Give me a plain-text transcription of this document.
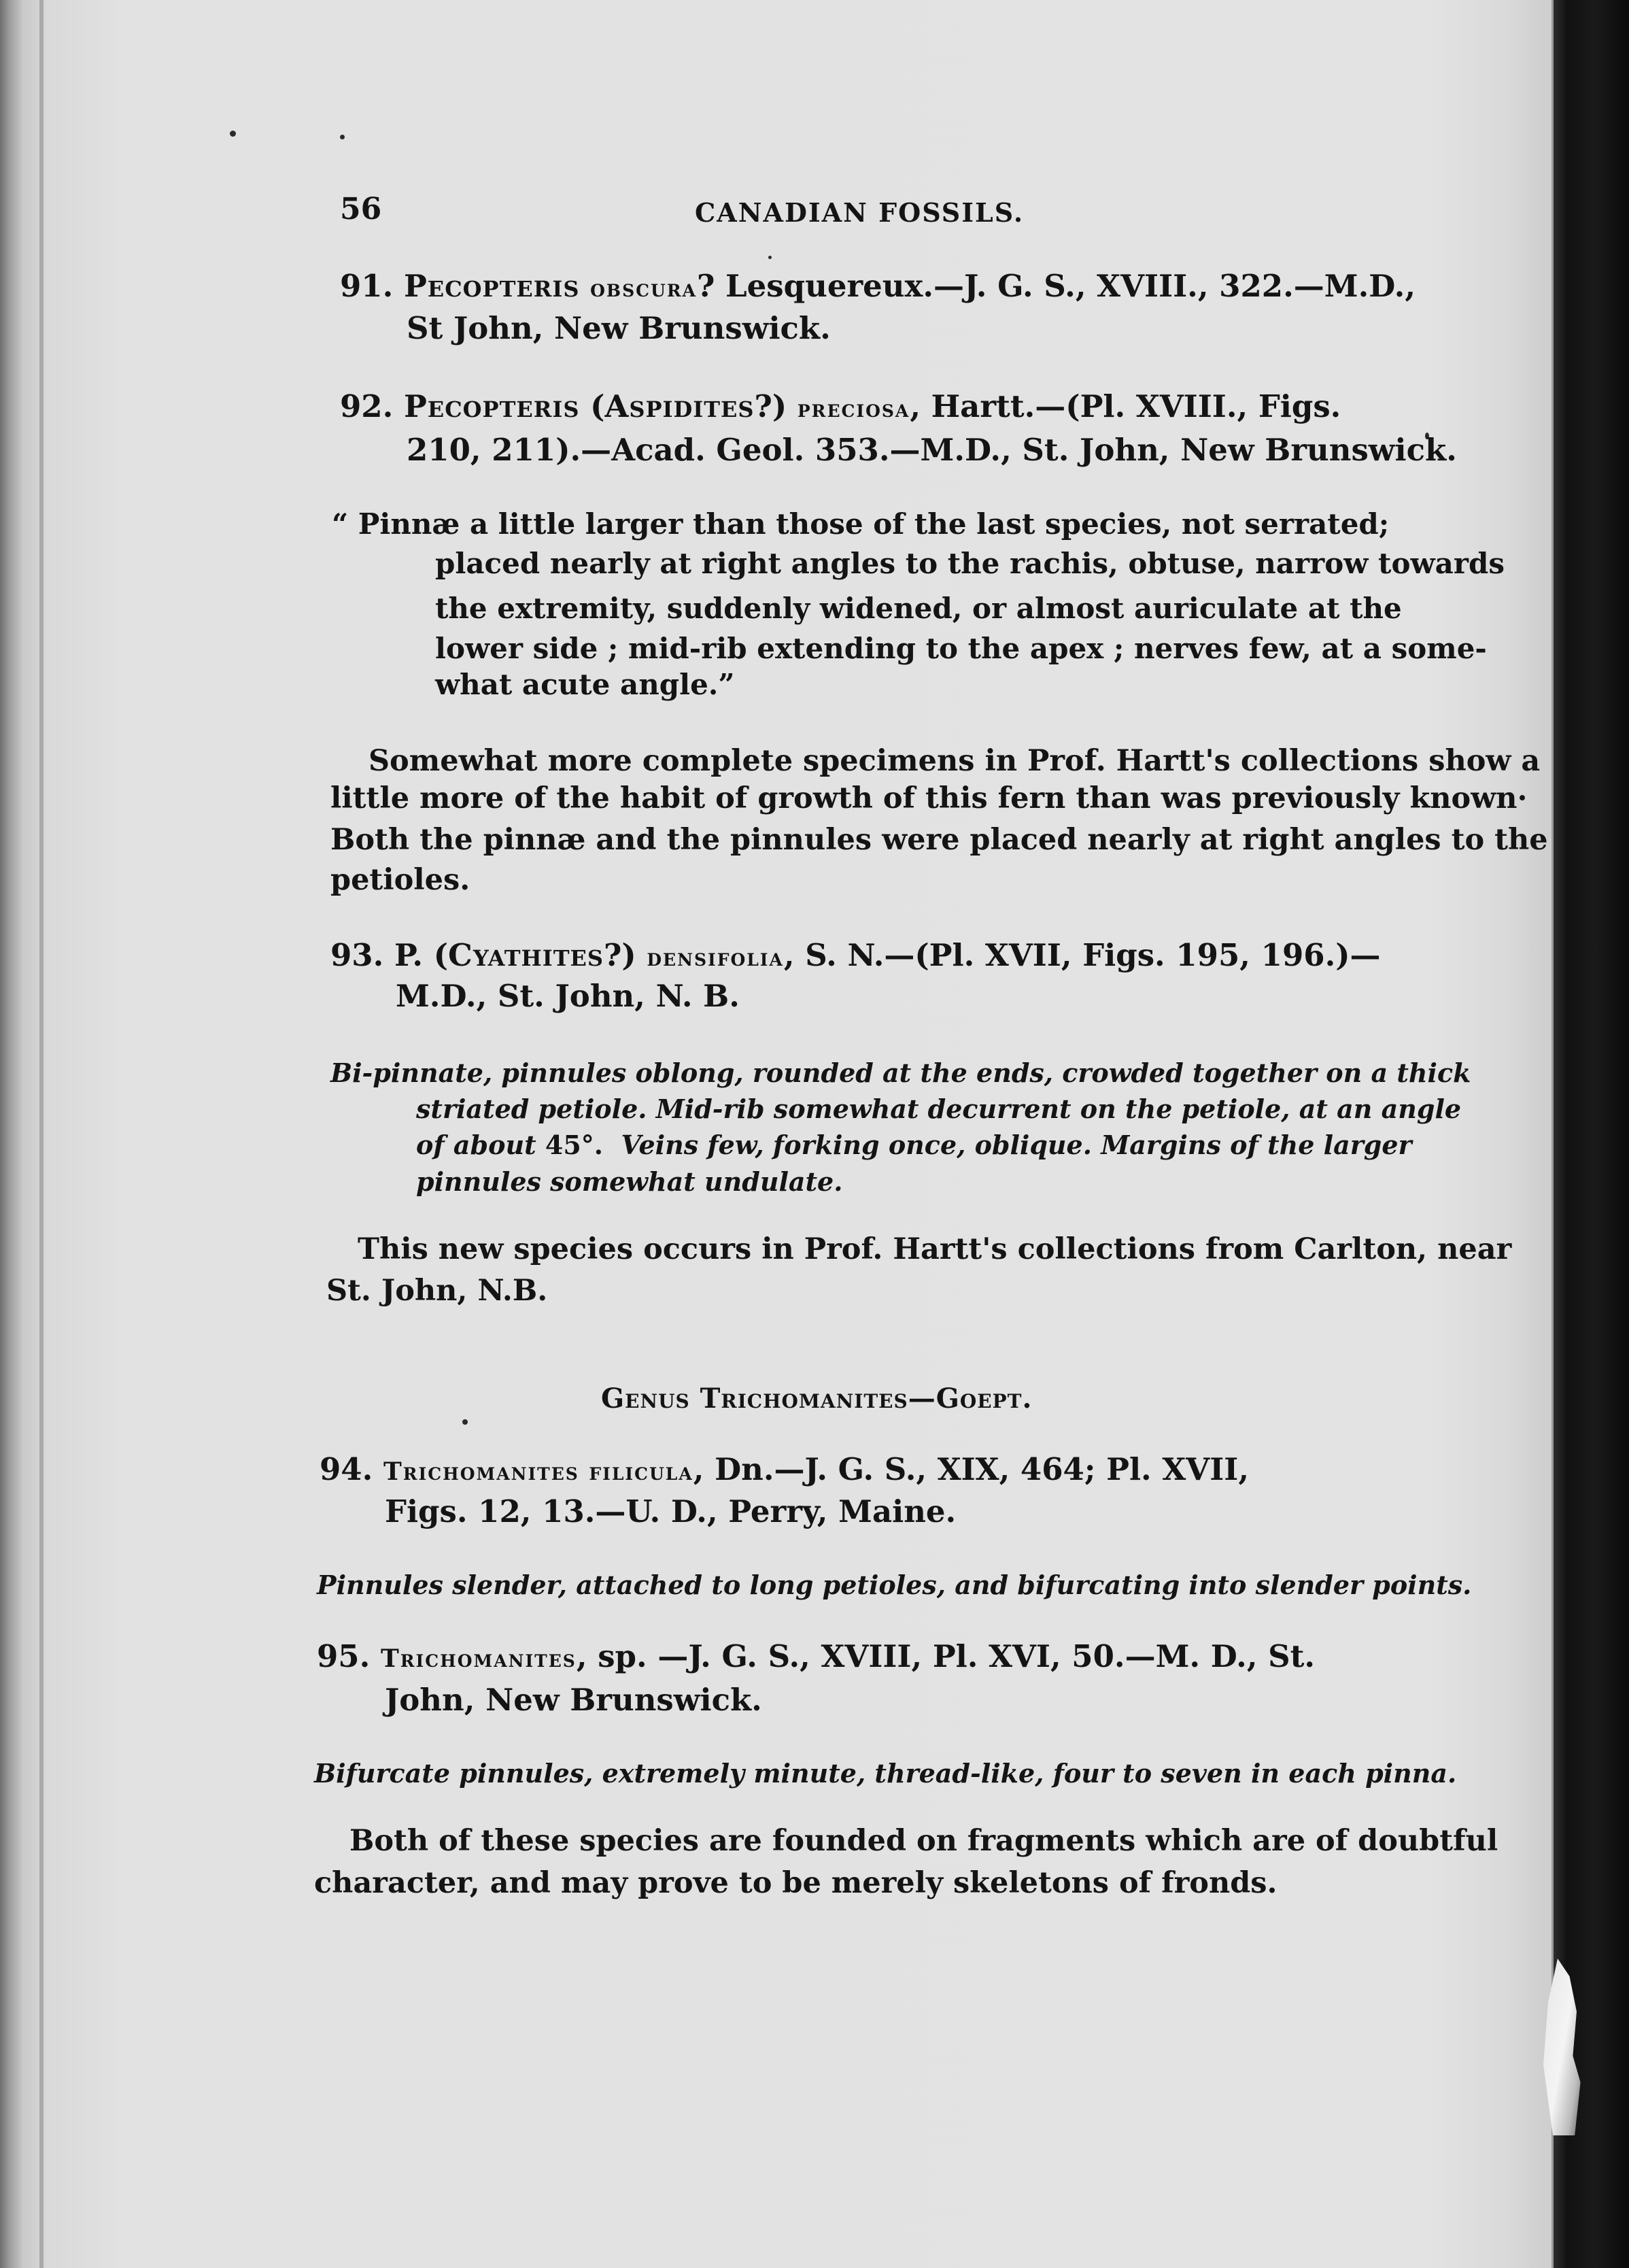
56	CANADIAN FOSSILS.

91. Pecopteris obscura? Lesquereux.—J. G. S., XVIII., 322.—M.D.,

St John, New Brunswick.

92. Pecopteris (Aspidites?) preciosa, Hartt.—(Pl. XVIII., Figs.

210, 211).—Acad. Geol. 353.—M.D., St. John, New Brunswick.

“ Pinnæ a little larger than those of the last species, not serrated;

placed nearly at right angles to the rachis, obtuse, narrow towards

the extremity, suddenly widened, or almost auriculate at the

lower side ; mid-rib extending to the apex ; nerves few, at a some-

what acute angle.”

Somewhat more complete specimens in Prof. Hartt's collections show a

little more of the habit of growth of this fern than was previously known·

Both the pinnæ and the pinnules were placed nearly at right angles to the

petioles.

93. P. (Cyathites?) densifolia, S. N.—(Pl. XVII, Figs. 195, 196.)—

M.D., St. John, N. B.

Bi-pinnate, pinnules oblong, rounded at the ends, crowded together on a thick

striated petiole. Mid-rib somewhat decurrent on the petiole, at an angle

of about 45°. Veins few, forking once, oblique. Margins of the larger

pinnules somewhat undulate.

This new species occurs in Prof. Hartt's collections from Carlton, near

St. John, N.B.

Genus Trichomanites—Goept.

94. Trichomanites filicula, Dn.—J. G. S., XIX, 464; Pl. XVII,

Figs. 12, 13.—U. D., Perry, Maine.

Pinnules slender, attached to long petioles, and bifurcating into slender points.

95. Trichomanites, sp. —J. G. S., XVIII, Pl. XVI, 50.—M. D., St.

John, New Brunswick.

Bifurcate pinnules, extremely minute, thread-like, four to seven in each pinna.

Both of these species are founded on fragments which are of doubtful

character, and may prove to be merely skeletons of fronds.
